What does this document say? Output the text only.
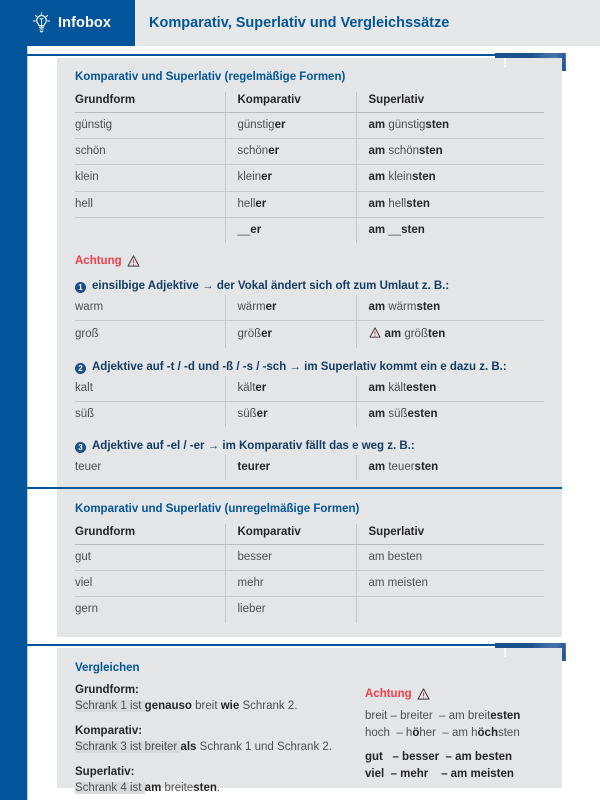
Infobox	Komparativ, Superlativ und Vergleichssätze
!
Komparativ und Superlativ (regelmäßige Formen)
Grundform	Komparativ	Superlativ
günstig	günstiger	am günstigsten
schön	schöner	am schönsten
klein	kleiner	am kleinsten
hell	heller	am hellsten
	__er	am __sten
Achtung
1 einsilbige Adjektive → der Vokal ändert sich oft zum Umlaut z. B.:
warm	wärmer	am wärmsten
groß	größer	am größten
2 Adjektive auf -t / -d und -ß / -s / -sch → im Superlativ kommt ein e dazu z. B.:
kalt	kälter	am kältesten
süß	süßer	am süßesten
3 Adjektive auf -el / -er → im Komparativ fällt das e weg z. B.:
teuer	teurer	am teuersten
Komparativ und Superlativ (unregelmäßige Formen)
Grundform	Komparativ	Superlativ
gut	besser	am besten
viel	mehr	am meisten
gern	lieber	
!
Vergleichen
Grundform:
Schrank 1 ist genauso breit wie Schrank 2.
Komparativ:
Schrank 3 ist breiter als Schrank 1 und Schrank 2.
Superlativ:
Schrank 4 ist am breitesten.
Achtung
breit – breiter  – am breitesten
hoch  – höher  – am höchsten
gut   – besser  – am besten
viel  – mehr    – am meisten
